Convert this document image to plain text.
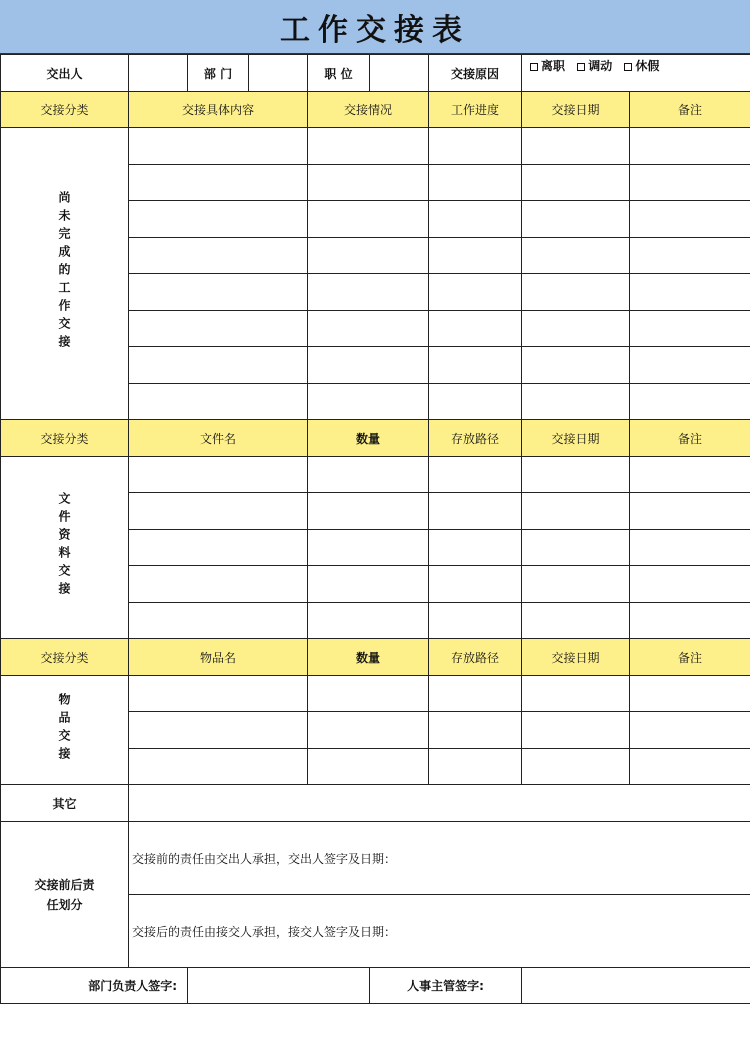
工作交接表
交出人		部 门		职 位		交接原因	离职 调动 休假	
交接分类	交接具体内容			交接情况		工作进度	交接日期	备注
尚未完成的工作交接								

交接分类	文件名			数量		存放路径	交接日期	备注
文件资料交接								

交接分类	物品名			数量		存放路径	交接日期	备注
物品交接								

其它								

交接前后责任划分	交接前的责任由交出人承担，交出人签字及日期：							
	交接后的责任由接交人承担，接交人签字及日期：							
部门负责人签字:					人事主管签字:			
